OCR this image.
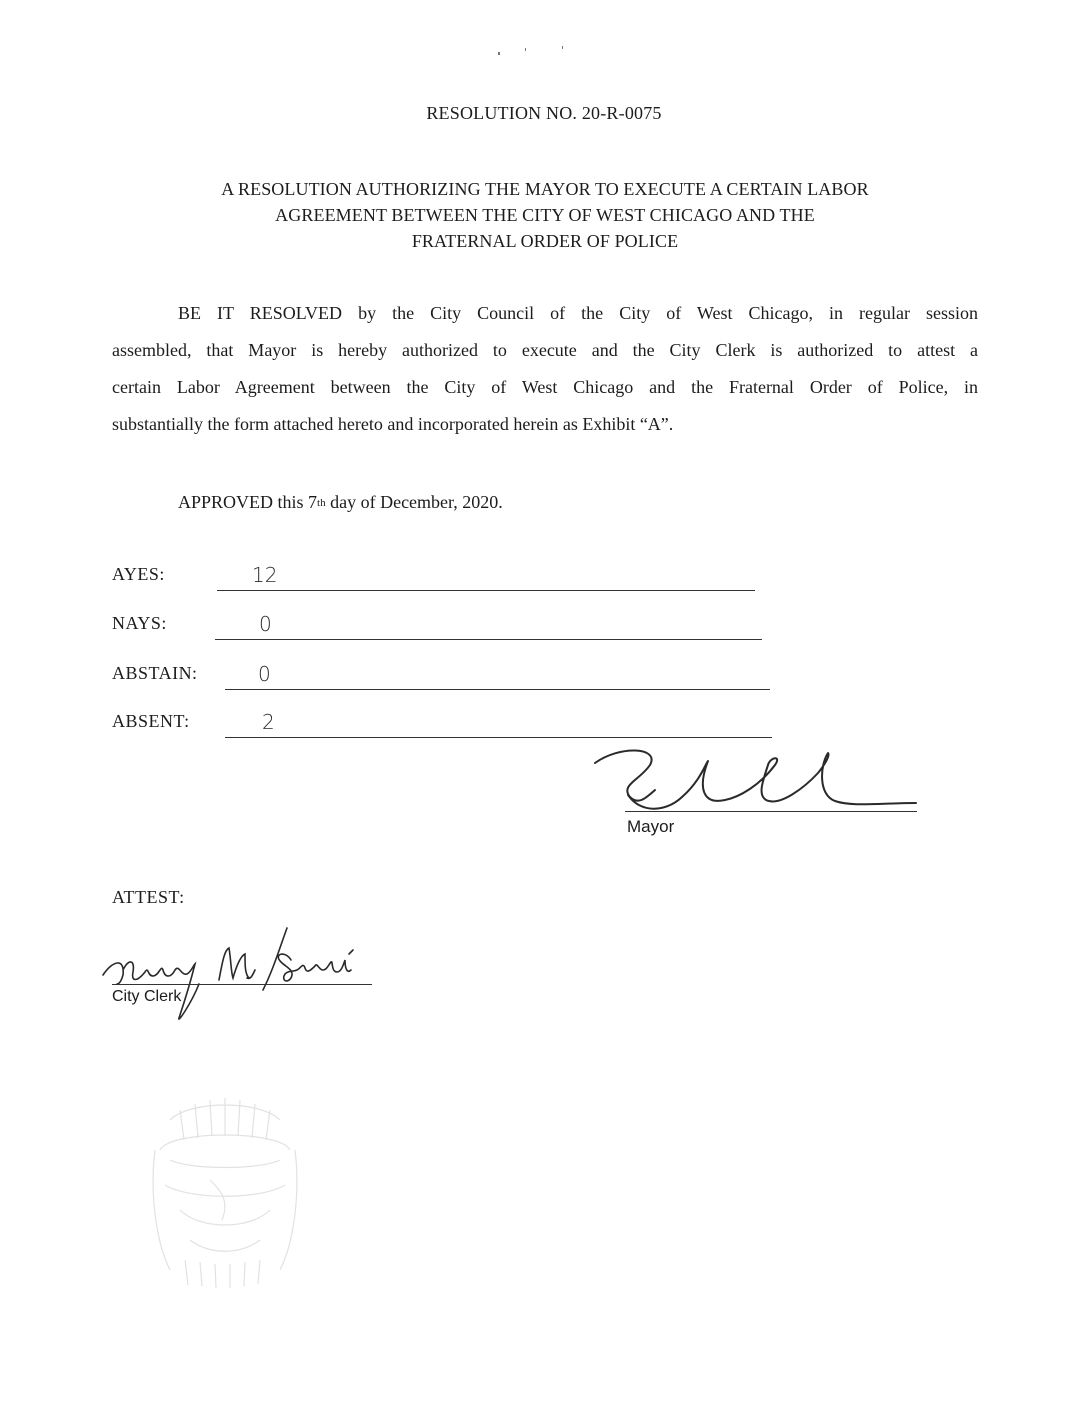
RESOLUTION NO. 20-R-0075
A RESOLUTION AUTHORIZING THE MAYOR TO EXECUTE A CERTAIN LABOR
AGREEMENT BETWEEN THE CITY OF WEST CHICAGO AND THE
FRATERNAL ORDER OF POLICE
BE IT RESOLVED by the City Council of the City of West Chicago, in regular session
assembled, that Mayor is hereby authorized to execute and the City Clerk is authorized to attest a
certain Labor Agreement between the City of West Chicago and the Fraternal Order of Police, in
substantially the form attached hereto and incorporated herein as Exhibit “A”.
APPROVED this 7th day of December, 2020.
AYES:	12
NAYS:	0
ABSTAIN:	0
ABSENT:	2
Mayor
ATTEST:
City Clerk
